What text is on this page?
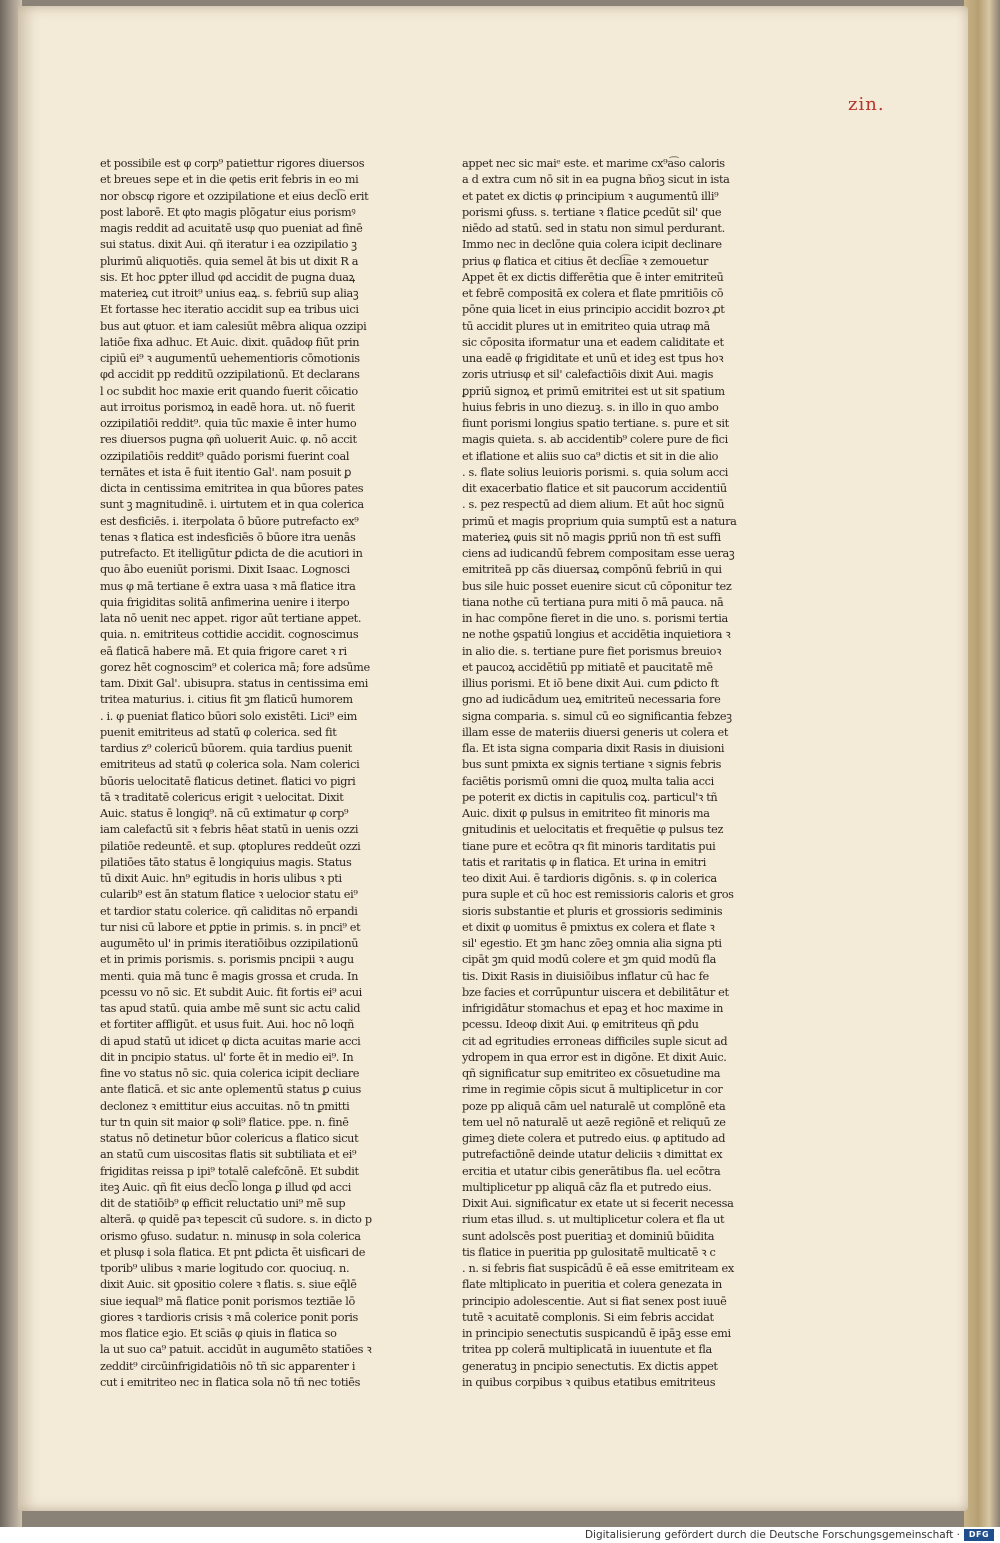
zin.
et possibile est φ corp⁹ patiettur rigores diuersos
et breues sepe et in die φetis erit febris in eo mi
nor obscφ rigore et ozzipilatione et eius decl͡o erit
post laborē. Et φto magis plōgatur eius porismꝰ
magis reddit ad acuitatē usφ quo pueniat ad finē
sui status. dixit Aui. qñ iteratur i ea ozzipilatio ꝫ
plurimū aliquotiēs. quia semel āt bis ut dixit R a
sis. Et hoc ꝑpter illud φd accidit de pugna duaꝝ
materieꝝ cut itroit⁹ unius eaꝝ. s. febriū sup aliaꝫ
Et fortasse hec iteratio accidit sup ea tribus uici
bus aut φtuor. et iam calesiūt mēbra aliqua ozzipi
latiōe fixa adhuc. Et Auic. dixit. quādoφ fiūt prin
cipiū ei⁹ ꝛ augumentū uehementioris cōmotionis
φd accidit pp redditū ozzipilationū. Et declarans
l oc subdit hoc maxie erit quando fuerit cōicatio
aut irroitus porismoꝝ in eadē hora. ut. nō fuerit
ozzipilatiōi reddit⁹. quia tūc maxie ē inter humo
res diuersos pugna φñ uoluerit Auic. φ. nō accit
ozzipilatiōis reddit⁹ quādo porismi fuerint coal
ternātes et ista ē fuit itentio Gal'. nam posuit ꝑ
dicta in centissima emitritea in qua būores pates
sunt ꝫ magnitudinē. i. uirtutem et in qua colerica
est desficiēs. i. iterpolata ō būore putrefacto ex⁹
tenas ꝛ flatica est indesficiēs ō būore itra uenās
putrefacto. Et itelligūtur ꝑdicta de die acutiori in
quo ābo eueniūt porismi. Dixit Isaac. Lognosci
mus φ mā tertiane ē extra uasa ꝛ mā flatice itra
quia frigiditas solitā anfimerina uenire i iterpo
lata nō uenit nec appet. rigor aūt tertiane appet.
quia. n. emitriteus cottidie accidit. cognoscimus
eā flaticā habere mā. Et quia frigore caret ꝛ ri
gorez hēt cognoscim⁹ et colerica mā; fore adsūme
tam. Dixit Gal'. ubisupra. status in centissima emi
tritea maturius. i. citius fit ꝫm flaticū humorem
. i. φ pueniat flatico būori solo existēti. Lici⁹ eim
puenit emitriteus ad statū φ colerica. sed fit
tardius z⁹ colericū būorem. quia tardius puenit
emitriteus ad statū φ colerica sola. Nam colerici
būoris uelocitatē flaticus detinet. flatici vo pigri
tā ꝛ traditatē colericus erigit ꝛ uelocitat. Dixit
Auic. status ē longiq⁹. nā cū extimatur φ corp⁹
iam calefactū sit ꝛ febris hēat statū in uenis ozzi
pilatiōe redeuntē. et sup. φtoplures reddeūt ozzi
pilatiōes tāto status ē longiquius magis. Status
tū dixit Auic. hn⁹ egitudis in horis ulibus ꝛ pti
cularib⁹ est ān statum flatice ꝛ uelocior statu ei⁹
et tardior statu colerice. qñ caliditas nō erpandi
tur nisi cū labore et ꝑptie in primis. s. in pnci⁹ et
augumēto ul' in primis iteratiōibus ozzipilationū
et in primis porismis. s. porismis pncipii ꝛ augu
menti. quia mā tunc ē magis grossa et cruda. In
pcessu vo nō sic. Et subdit Auic. fit fortis ei⁹ acui
tas apud statū. quia ambe mē sunt sic actu calid
et fortiter affligūt. et usus fuit. Aui. hoc nō loqñ
di apud statū ut idicet φ dicta acuitas marie acci
dit in pncipio status. ul' forte ēt in medio ei⁹. In
fine vo status nō sic. quia colerica icipit decliare
ante flaticā. et sic ante oplementū status ꝑ cuius
declonez ꝛ emittitur eius accuitas. nō tn ꝑmitti
tur tn quin sit maior φ soli⁹ flatice. ppe. n. finē
status nō detinetur būor colericus a flatico sicut
an statū cum uiscositas flatis sit subtiliata et ei⁹
frigiditas reissa p ipi⁹ totalē calefcōnē. Et subdit
iteꝫ Auic. qñ fit eius decl͡o longa ꝑ illud φd acci
dit de statiōib⁹ φ efficit reluctatio uni⁹ mē sup
alterā. φ quidē paꝛ tepescit cū sudore. s. in dicto p
orismo ꝯfuso. sudatur. n. minusφ in sola colerica
et plusφ i sola flatica. Et pnt ꝑdicta ēt uisficari de
tporib⁹ ulibus ꝛ marie logitudo cor. quociuq. n.
dixit Auic. sit ꝯpositio colere ꝛ flatis. s. siue eq̄lē
siue iequal⁹ mā flatice ponit porismos teztiāe lō
giores ꝛ tardioris crisis ꝛ mā colerice ponit poris
mos flatice eꝫio. Et sciās φ qiuis in flatica so
la ut suo ca⁹ patuit. accidūt in augumēto statiōes ꝛ
zeddit⁹ circūinfrigidatiōis nō tñ sic apparenter i
cut i emitriteo nec in flatica sola nō tñ nec totiēs
appet nec sic maiᵉ este. et marime cx⁹a͡so caloris
a d extra cum nō sit in ea pugna bñoꝫ sicut in ista
et patet ex dictis φ principium ꝛ augumentū illi⁹
porismi ꝯfuss. s. tertiane ꝛ flatice ꝑcedūt sil' que
niēdo ad statū. sed in statu non simul perdurant.
Immo nec in declōne quia colera icipit declinare
prius φ flatica et citius ēt decli͡ae ꝛ zemouetur
Appet ēt ex dictis differētia que ē inter emitriteū
et febrē compositā ex colera et flate pmritiōis cō
pōne quia licet in eius principio accidit bozroꝛ ꝓt
tū accidit plures ut in emitriteo quia utraφ mā
sic cōposita iformatur una et eadem caliditate et
una eadē φ frigiditate et unū et ideꝫ est tpus hoꝛ
zoris utriusφ et sil' calefactiōis dixit Aui. magis
ꝑpriū signoꝝ et primū emitritei est ut sit spatium
huius febris in uno diezuꝫ. s. in illo in quo ambo
fiunt porismi longius spatio tertiane. s. pure et sit
magis quieta. s. ab accidentib⁹ colere pure de fici
et iflatione et aliis suo ca⁹ dictis et sit in die alio
. s. flate solius leuioris porismi. s. quia solum acci
dit exacerbatio flatice et sit paucorum accidentiū
. s. pez respectū ad diem alium. Et aūt hoc signū
primū et magis proprium quia sumptū est a natura
materieꝝ φuis sit nō magis ꝑpriū non tñ est suffi
ciens ad iudicandū febrem compositam esse ueraꝫ
emitriteā pp cās diuersaꝝ compōnū febriū in qui
bus sile huic posset euenire sicut cū cōponitur tez
tiana nothe cū tertiana pura miti ō mā pauca. nā
in hac compōne fieret in die uno. s. porismi tertia
ne nothe ꝯspatiū longius et accidētia inquietiora ꝛ
in alio die. s. tertiane pure fiet porismus breuioꝛ
et paucoꝝ accidētiū pp mitiatē et paucitatē mē
illius porismi. Et iō bene dixit Aui. cum ꝑdicto ft
gno ad iudicādum ueꝝ emitriteū necessaria fore
signa comparia. s. simul cū eo significantia febzeꝫ
illam esse de materiis diuersi generis ut colera et
fla. Et ista signa comparia dixit Rasis in diuisioni
bus sunt pmixta ex signis tertiane ꝛ signis febris
faciētis porismū omni die quoꝝ multa talia acci
pe poterit ex dictis in capitulis coꝝ. particul'ꝛ tñ
Auic. dixit φ pulsus in emitriteo fit minoris ma
gnitudinis et uelocitatis et frequētie φ pulsus tez
tiane pure et ecōtra qꝛ fit minoris tarditatis pui
tatis et raritatis φ in flatica. Et urina in emitri
teo dixit Aui. ē tardioris digōnis. s. φ in colerica
pura suple et cū hoc est remissioris caloris et gros
sioris substantie et pluris et grossioris sediminis
et dixit φ uomitus ē pmixtus ex colera et flate ꝛ
sil' egestio. Et ꝫm hanc zōeꝫ omnia alia signa pti
cipāt ꝫm quid modū colere et ꝫm quid modū fla
tis. Dixit Rasis in diuisiōibus inflatur cū hac fe
bze facies et corrūpuntur uiscera et debilitātur et
infrigidātur stomachus et epaꝫ et hoc maxime in
pcessu. Ideoφ dixit Aui. φ emitriteus qñ ꝑdu
cit ad egritudies erroneas difficiles suple sicut ad
ydropem in qua error est in digōne. Et dixit Auic.
qñ significatur sup emitriteo ex cōsuetudine ma
rime in regimie cōpis sicut ā multiplicetur in cor
poze pp aliquā cām uel naturalē ut complōnē eta
tem uel nō naturalē ut aezē regiōnē et reliquū ze
gimeꝫ diete colera et putredo eius. φ aptitudo ad
putrefactiōnē deinde utatur deliciis ꝛ dimittat ex
ercitia et utatur cibis generātibus fla. uel ecōtra
multiplicetur pp aliquā cāz fla et putredo eius.
Dixit Aui. significatur ex etate ut si fecerit necessa
rium etas illud. s. ut multiplicetur colera et fla ut
sunt adolscēs post pueritiaꝫ et dominiū būidita
tis flatice in pueritia pp gulositatē multicatē ꝛ c
. n. si febris fiat suspicādū ē eā esse emitriteam ex
flate mltiplicato in pueritia et colera genezata in
principio adolescentie. Aut si fiat senex post iuuē
tutē ꝛ acuitatē complonis. Si eim febris accidat
in principio senectutis suspicandū ē ipāꝫ esse emi
tritea pp colerā multiplicatā in iuuentute et fla
generatuꝫ in pncipio senectutis. Ex dictis appet
in quibus corpibus ꝛ quibus etatibus emitriteus
Digitalisierung gefördert durch die Deutsche Forschungsgemeinschaft ·	DFG
